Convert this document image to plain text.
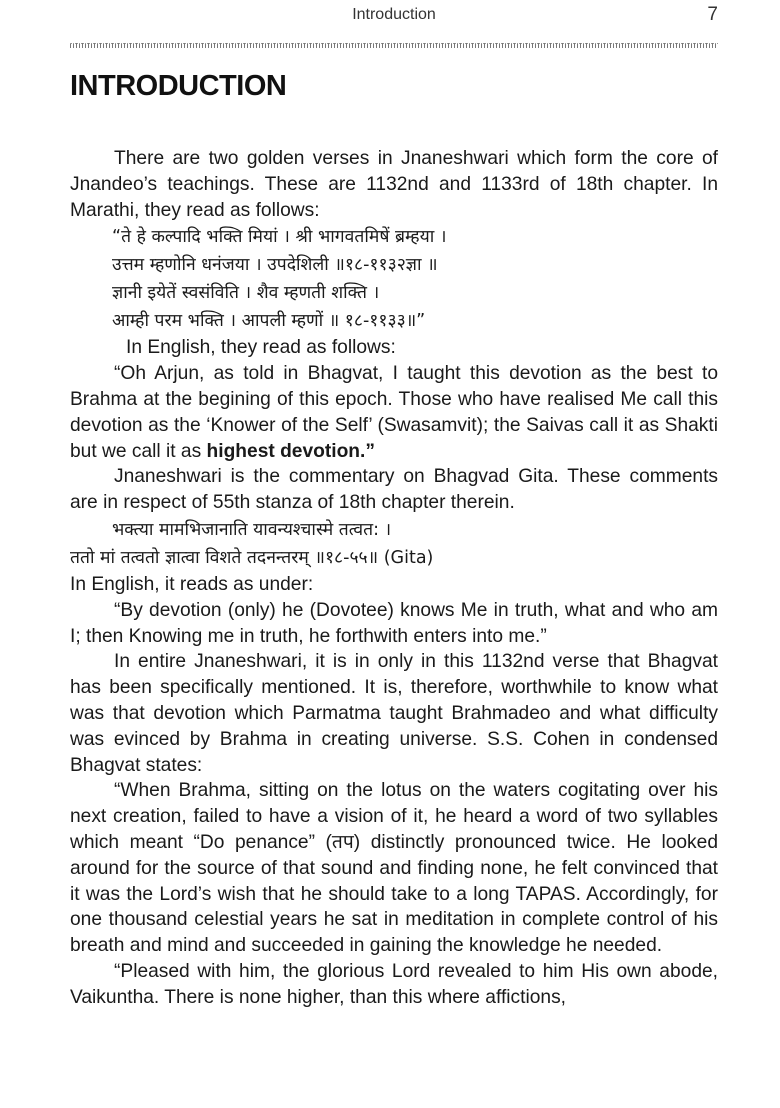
Introduction	7
INTRODUCTION

There are two golden verses in Jnaneshwari which form the core of Jnandeo’s teachings. These are 1132nd and 1133rd of 18th chapter. In Marathi, they read as follows:

“ते हे कल्पादि भक्ति मियां । श्री भागवतमिषें ब्रम्हया ।

उत्तम म्हणोनि धनंजया । उपदेशिली ॥१८-११३२ज्ञा ॥

ज्ञानी इयेतें स्वसंविति । शैव म्हणती शक्ति ।

आम्ही परम भक्ति । आपली म्हणों ॥ १८-११३३॥”

In English, they read as follows:

“Oh Arjun, as told in Bhagvat, I taught this devotion as the best to Brahma at the begining of this epoch. Those who have realised Me call this devotion as the ‘Knower of the Self’ (Swasamvit); the Saivas call it as Shakti but we call it as highest devotion.”

Jnaneshwari is the commentary on Bhagvad Gita. These comments are in respect of 55th stanza of 18th chapter therein.

भक्त्या मामभिजानाति यावन्यश्चास्मे तत्वत: ।

ततो मां तत्वतो ज्ञात्वा विशते तदनन्तरम् ॥१८-५५॥ (Gita)

In English, it reads as under:

“By devotion (only) he (Dovotee) knows Me in truth, what and who am I; then Knowing me in truth, he forthwith enters into me.”

In entire Jnaneshwari, it is in only in this 1132nd verse that Bhagvat has been specifically mentioned. It is, therefore, worthwhile to know what was that devotion which Parmatma taught Brahmadeo and what difficulty was evinced by Brahma in creating universe. S.S. Cohen in condensed Bhagvat states:

“When Brahma, sitting on the lotus on the waters cogitating over his next creation, failed to have a vision of it, he heard a word of two syllables which meant “Do penance” (तप) distinctly pronounced twice. He looked around for the source of that sound and finding none, he felt convinced that it was the Lord’s wish that he should take to a long TAPAS. Accordingly, for one thousand celestial years he sat in meditation in complete control of his breath and mind and succeeded in gaining the knowledge he needed.

“Pleased with him, the glorious Lord revealed to him His own abode, Vaikuntha. There is none higher, than this where affictions,
